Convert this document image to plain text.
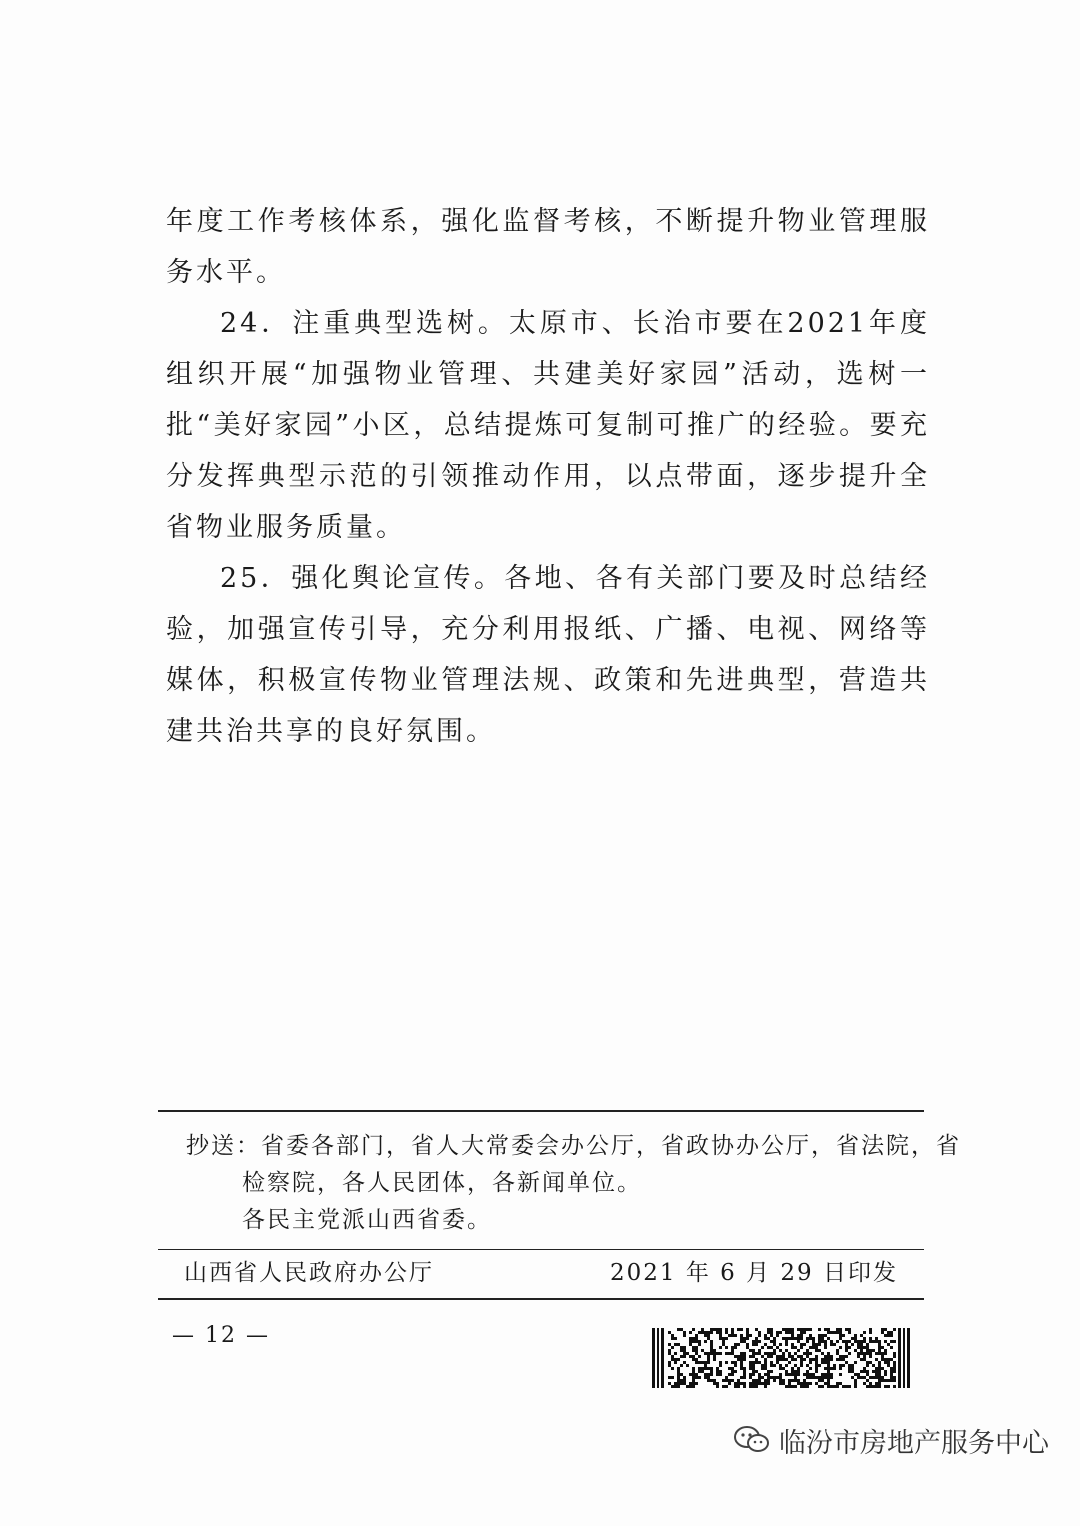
年度工作考核体系，强化监督考核，不断提升物业管理服务水平。

24．注重典型选树。太原市、长治市要在2021年度组织开展“加强物业管理、共建美好家园”活动，选树一批“美好家园”小区，总结提炼可复制可推广的经验。要充分发挥典型示范的引领推动作用，以点带面，逐步提升全省物业服务质量。

25．强化舆论宣传。各地、各有关部门要及时总结经验，加强宣传引导，充分利用报纸、广播、电视、网络等媒体，积极宣传物业管理法规、政策和先进典型，营造共建共治共享的良好氛围。

抄送：省委各部门，省人大常委会办公厅，省政协办公厅，省法院，省
检察院，各人民团体，各新闻单位。
各民主党派山西省委。
山西省人民政府办公厅	2021 年 6 月 29 日印发
— 12 —
临汾市房地产服务中心
